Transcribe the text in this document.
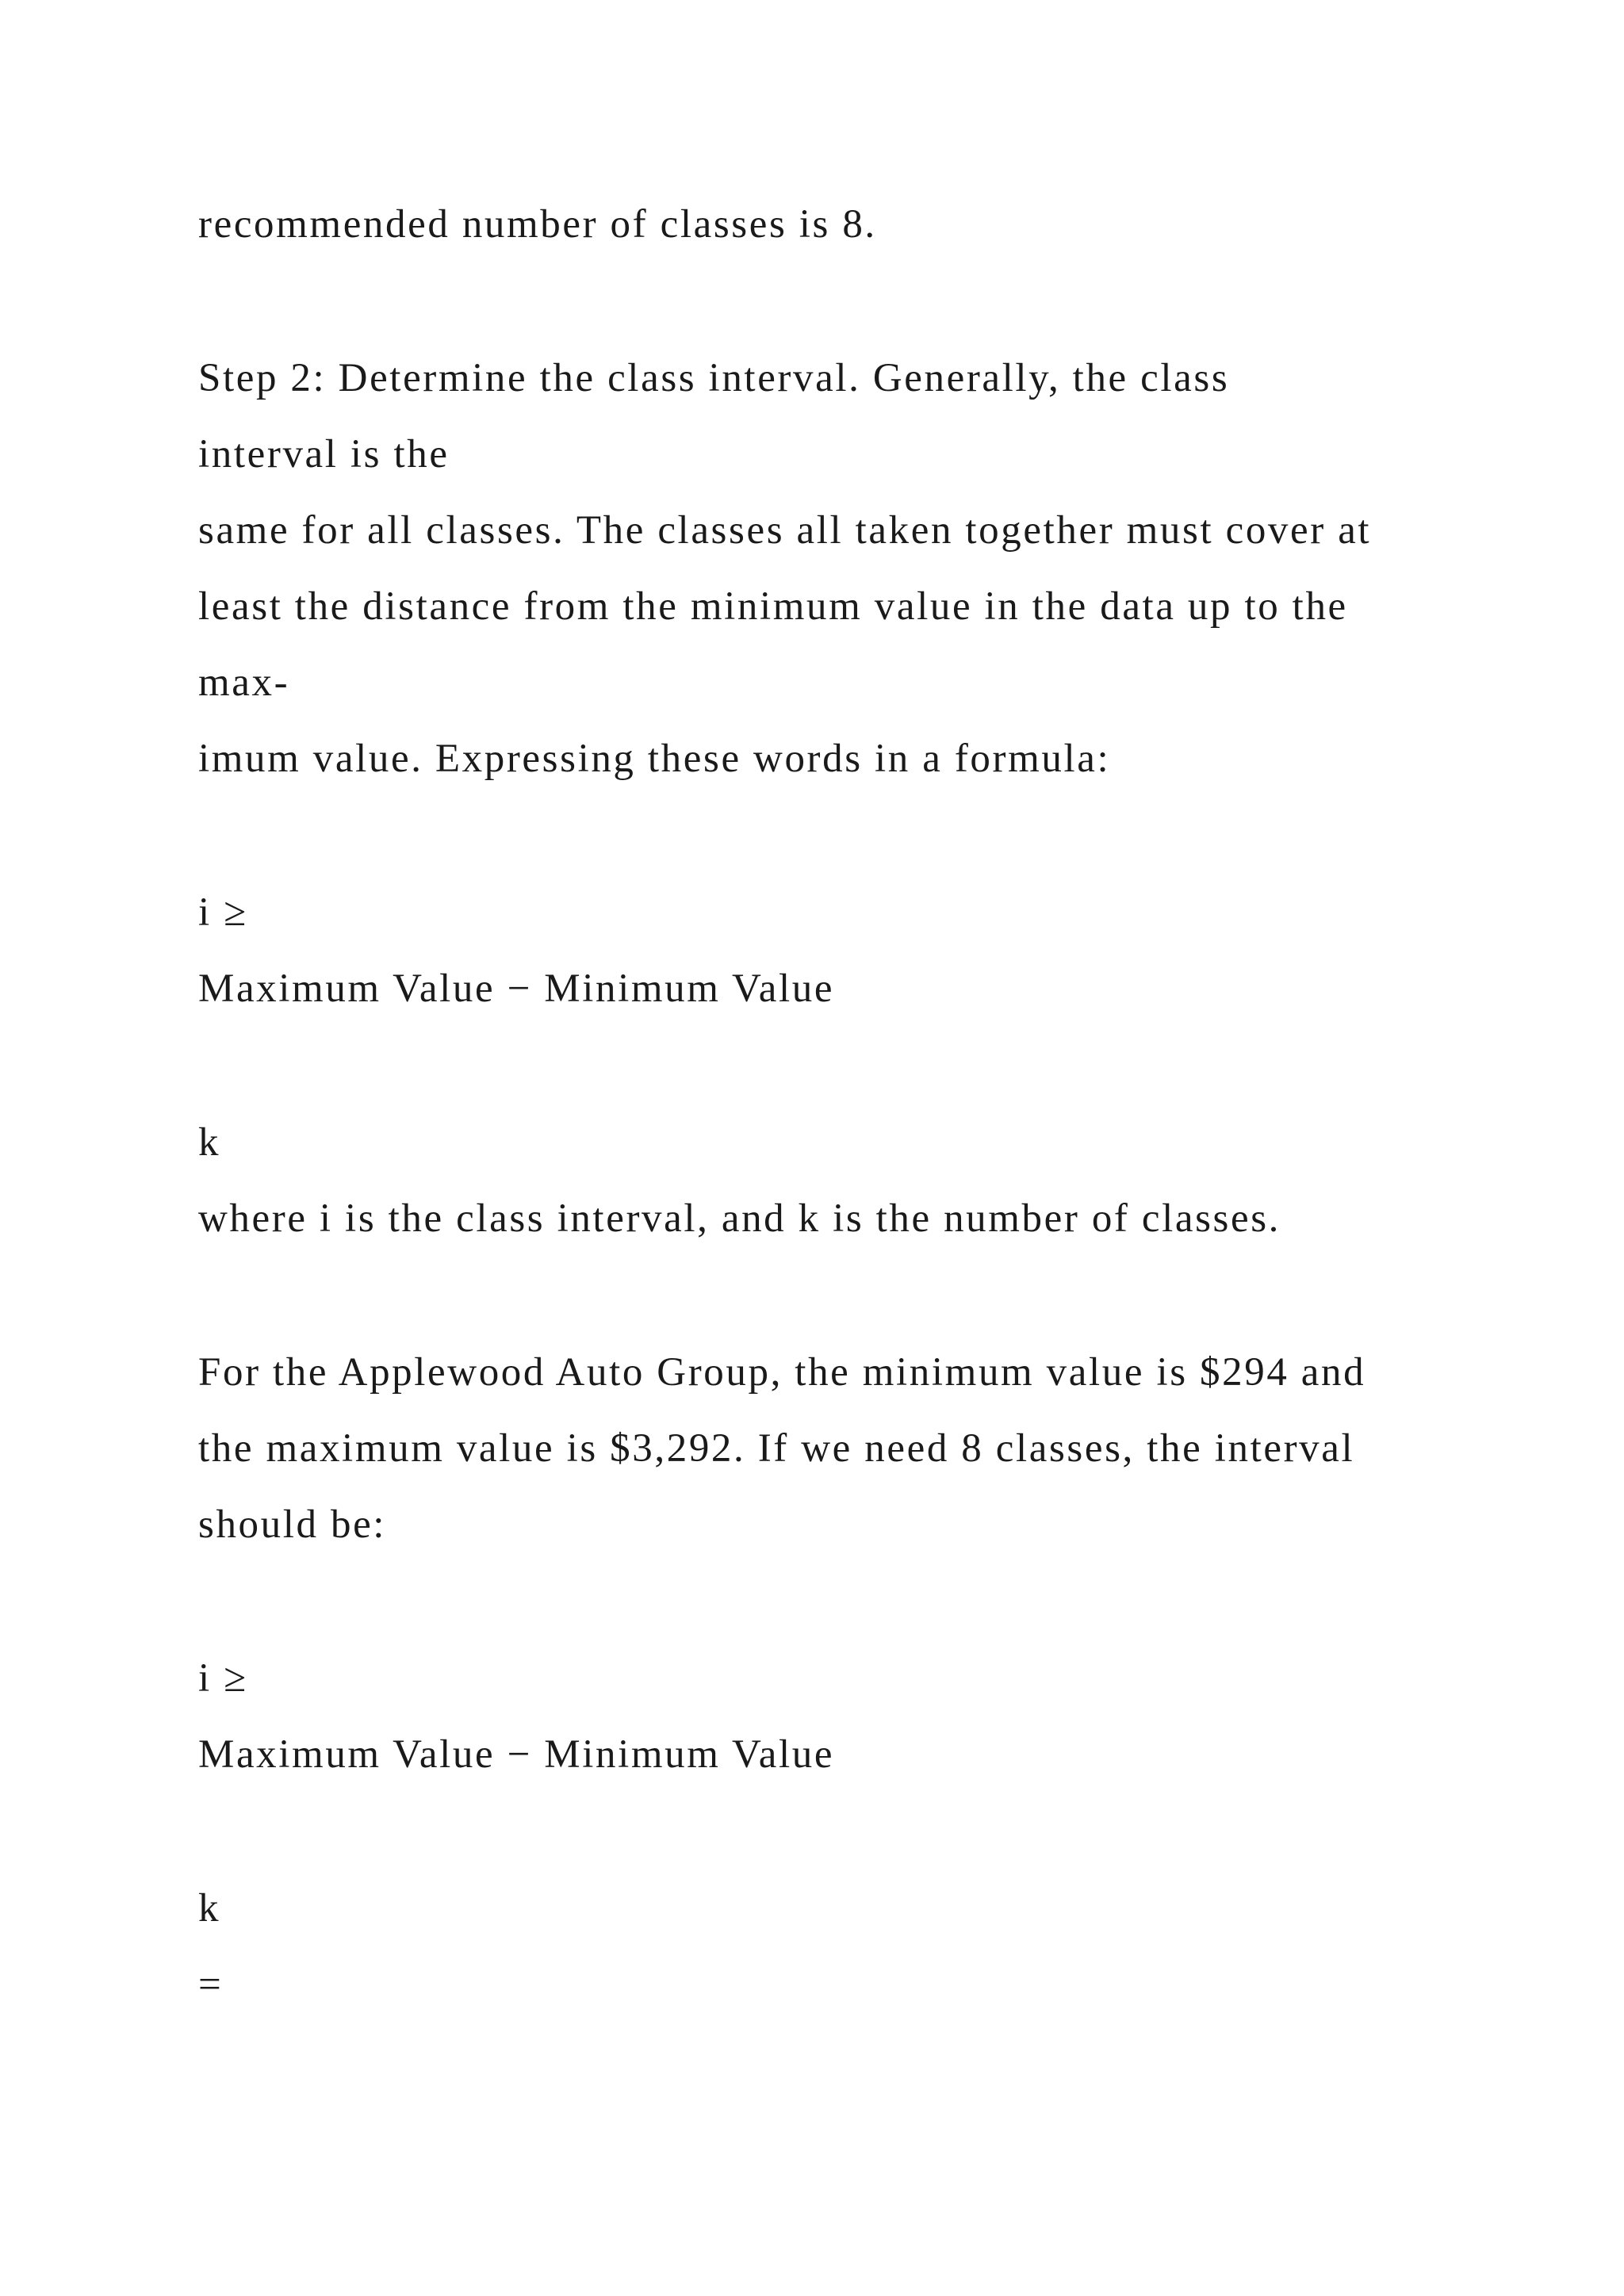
recommended number of classes is 8.

Step 2: Determine the class interval. Generally, the class

interval is the

same for all classes. The classes all taken together must cover at

least the distance from the minimum value in the data up to the

max-

imum value. Expressing these words in a formula:

i ≥

Maximum Value − Minimum Value

k

where i is the class interval, and k is the number of classes.

For the Applewood Auto Group, the minimum value is $294 and

the maximum value is $3,292. If we need 8 classes, the interval

should be:

i ≥

Maximum Value − Minimum Value

k

=
